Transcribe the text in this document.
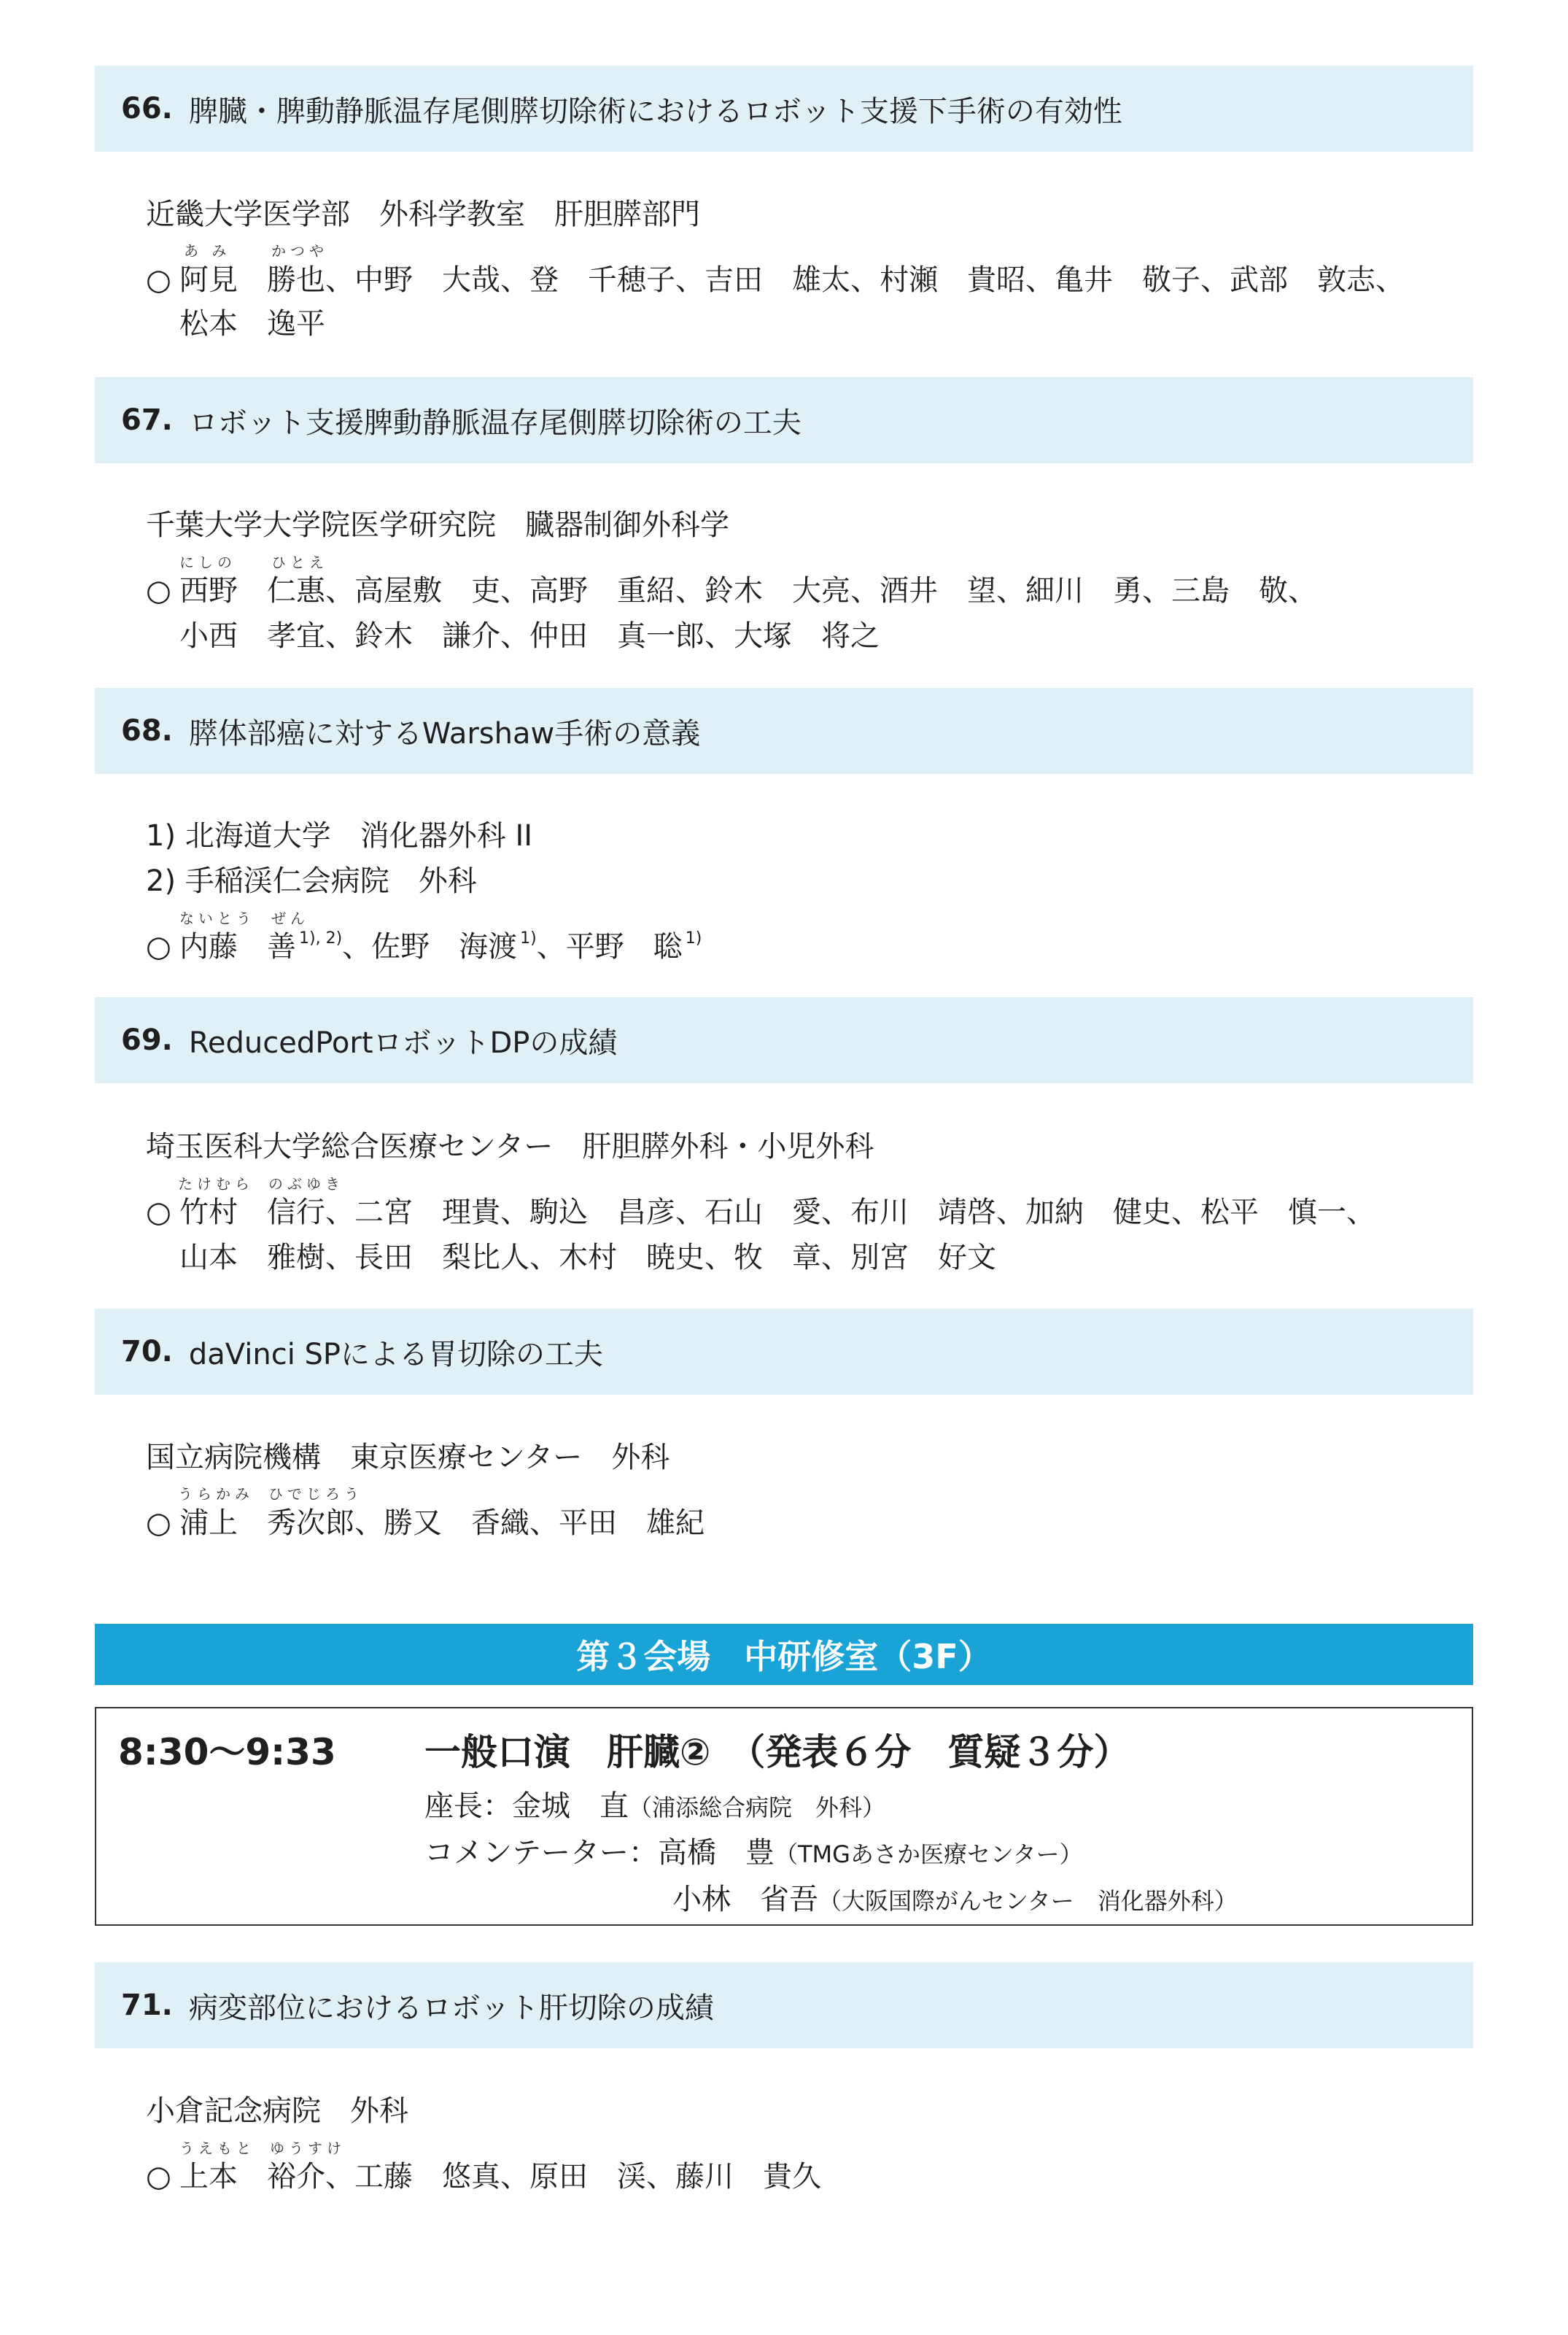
66. 脾臓・脾動静脈温存尾側膵切除術におけるロボット支援下手術の有効性
近畿大学医学部　外科学教室　肝胆膵部門
あ み	かつや
○ 阿見　勝也、中野　大哉、登　千穂子、吉田　雄太、村瀬　貴昭、亀井　敬子、武部　敦志、
松本　逸平
67. ロボット支援脾動静脈温存尾側膵切除術の工夫
千葉大学大学院医学研究院　臓器制御外科学
にしの ひとえ
○ 西野　仁惠、高屋敷　吏、高野　重紹、鈴木　大亮、酒井　望、細川　勇、三島　敬、
小西　孝宜、鈴木　謙介、仲田　真一郎、大塚　将之
68. 膵体部癌に対するWarshaw手術の意義
1) 北海道大学　消化器外科 II
2) 手稲渓仁会病院　外科
ないとう ぜん
○ 内藤　善 $^{1), 2)}$、佐野　海渡 $^{1)}$、平野　聡 $^{1)}$
69. ReducedPortロボットDPの成績
埼玉医科大学総合医療センター　肝胆膵外科・小児外科
たけむら のぶゆき
○ 竹村　信行、二宮　理貴、駒込　昌彦、石山　愛、布川　靖啓、加納　健史、松平　慎一、
山本　雅樹、長田　梨比人、木村　暁史、牧　章、別宮　好文
70. daVinci SPによる胃切除の工夫
国立病院機構　東京医療センター　外科
うらかみ ひでじろう
○ 浦上　秀次郎、勝又　香織、平田　雄紀
第３会場　中研修室（3F）
8:30〜9:33 一般口演　肝臓②　（発表６分　質疑３分）
座長：金城　直（浦添総合病院　外科）
コメンテーター：高橋　豊（TMGあさか医療センター）
小林　省吾（大阪国際がんセンター　消化器外科）
71. 病変部位におけるロボット肝切除の成績
小倉記念病院　外科
うえもと ゆうすけ
○ 上本　裕介、工藤　悠真、原田　渓、藤川　貴久
